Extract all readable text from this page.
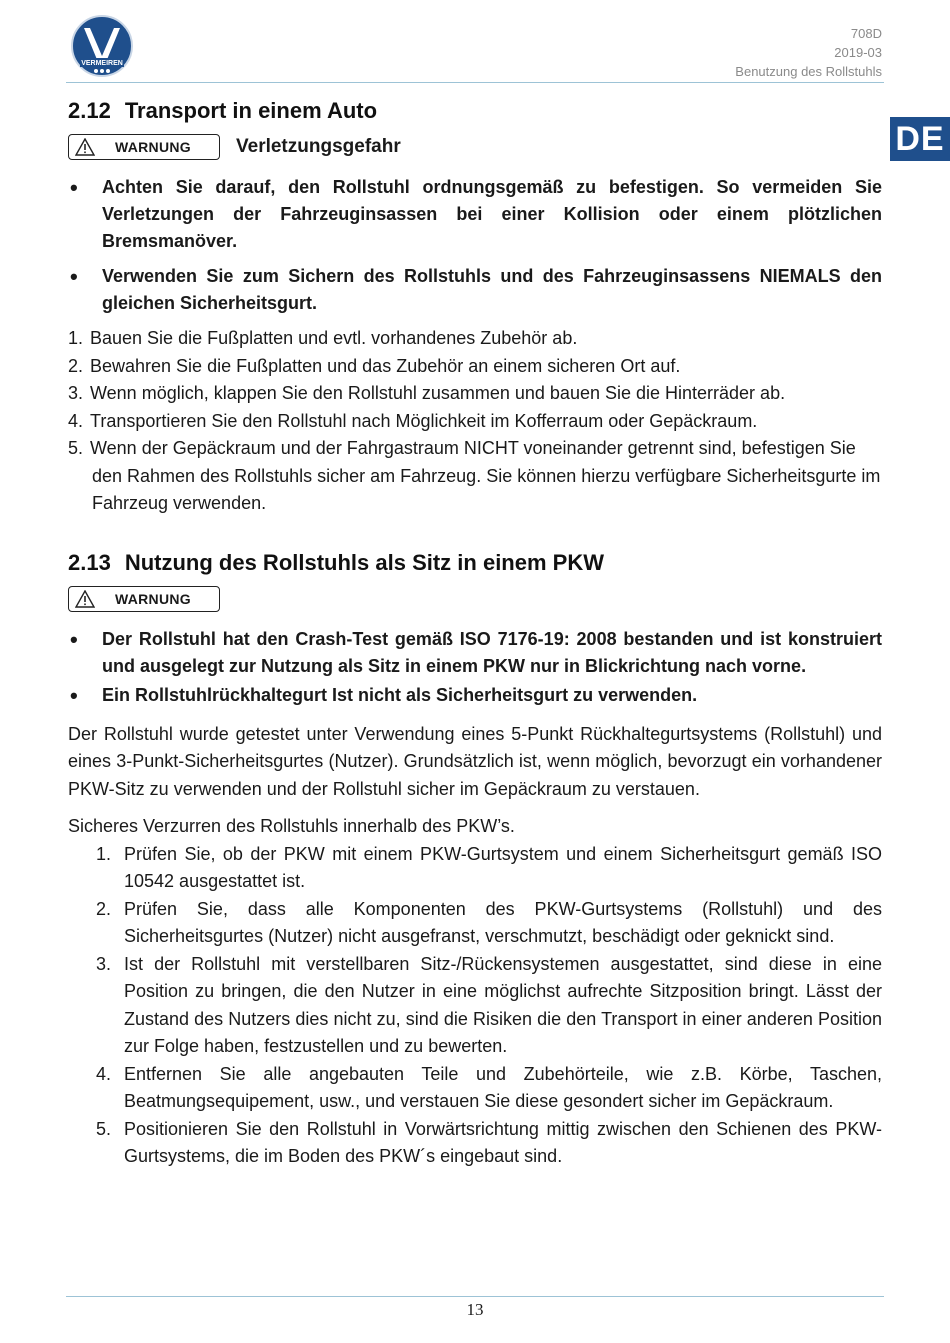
VERMEIREN
708D
2019-03
Benutzung des Rollstuhls
DE
2.12 Transport in einem Auto
WARNUNG Verletzungsgefahr
• Achten Sie darauf, den Rollstuhl ordnungsgemäß zu befestigen. So vermeiden Sie Verletzungen der Fahrzeuginsassen bei einer Kollision oder einem plötzlichen Bremsmanöver.
• Verwenden Sie zum Sichern des Rollstuhls und des Fahrzeuginsassens NIEMALS den gleichen Sicherheitsgurt.
1. Bauen Sie die Fußplatten und evtl. vorhandenes Zubehör ab.
2. Bewahren Sie die Fußplatten und das Zubehör an einem sicheren Ort auf.
3. Wenn möglich, klappen Sie den Rollstuhl zusammen und bauen Sie die Hinterräder ab.
4. Transportieren Sie den Rollstuhl nach Möglichkeit im Kofferraum oder Gepäckraum.
5. Wenn der Gepäckraum und der Fahrgastraum NICHT voneinander getrennt sind, befestigen Sie den Rahmen des Rollstuhls sicher am Fahrzeug. Sie können hierzu verfügbare Sicherheitsgurte im Fahrzeug verwenden.
2.13 Nutzung des Rollstuhls als Sitz in einem PKW
WARNUNG
• Der Rollstuhl hat den Crash-Test gemäß ISO 7176-19: 2008 bestanden und ist konstruiert und ausgelegt zur Nutzung als Sitz in einem PKW nur in Blickrichtung nach vorne.
• Ein Rollstuhlrückhaltegurt Ist nicht als Sicherheitsgurt zu verwenden.

Der Rollstuhl wurde getestet unter Verwendung eines 5-Punkt Rückhaltegurtsystems (Rollstuhl) und eines 3-Punkt-Sicherheitsgurtes (Nutzer). Grundsätzlich ist, wenn möglich, bevorzugt ein vorhandener PKW-Sitz zu verwenden und der Rollstuhl sicher im Gepäckraum zu verstauen.

Sicheres Verzurren des Rollstuhls innerhalb des PKW’s.

1. Prüfen Sie, ob der PKW mit einem PKW-Gurtsystem und einem Sicherheitsgurt gemäß ISO 10542 ausgestattet ist.
2. Prüfen Sie, dass alle Komponenten des PKW-Gurtsystems (Rollstuhl) und des Sicherheitsgurtes (Nutzer) nicht ausgefranst, verschmutzt, beschädigt oder geknickt sind.
3. Ist der Rollstuhl mit verstellbaren Sitz-/Rückensystemen ausgestattet, sind diese in eine Position zu bringen, die den Nutzer in eine möglichst aufrechte Sitzposition bringt. Lässt der Zustand des Nutzers dies nicht zu, sind die Risiken die den Transport in einer anderen Position zur Folge haben, festzustellen und zu bewerten.
4. Entfernen Sie alle angebauten Teile und Zubehörteile, wie z.B. Körbe, Taschen, Beatmungsequipement, usw., und verstauen Sie diese gesondert sicher im Gepäckraum.
5. Positionieren Sie den Rollstuhl in Vorwärtsrichtung mittig zwischen den Schienen des PKW-Gurtsystems, die im Boden des PKW´s eingebaut sind.
13
